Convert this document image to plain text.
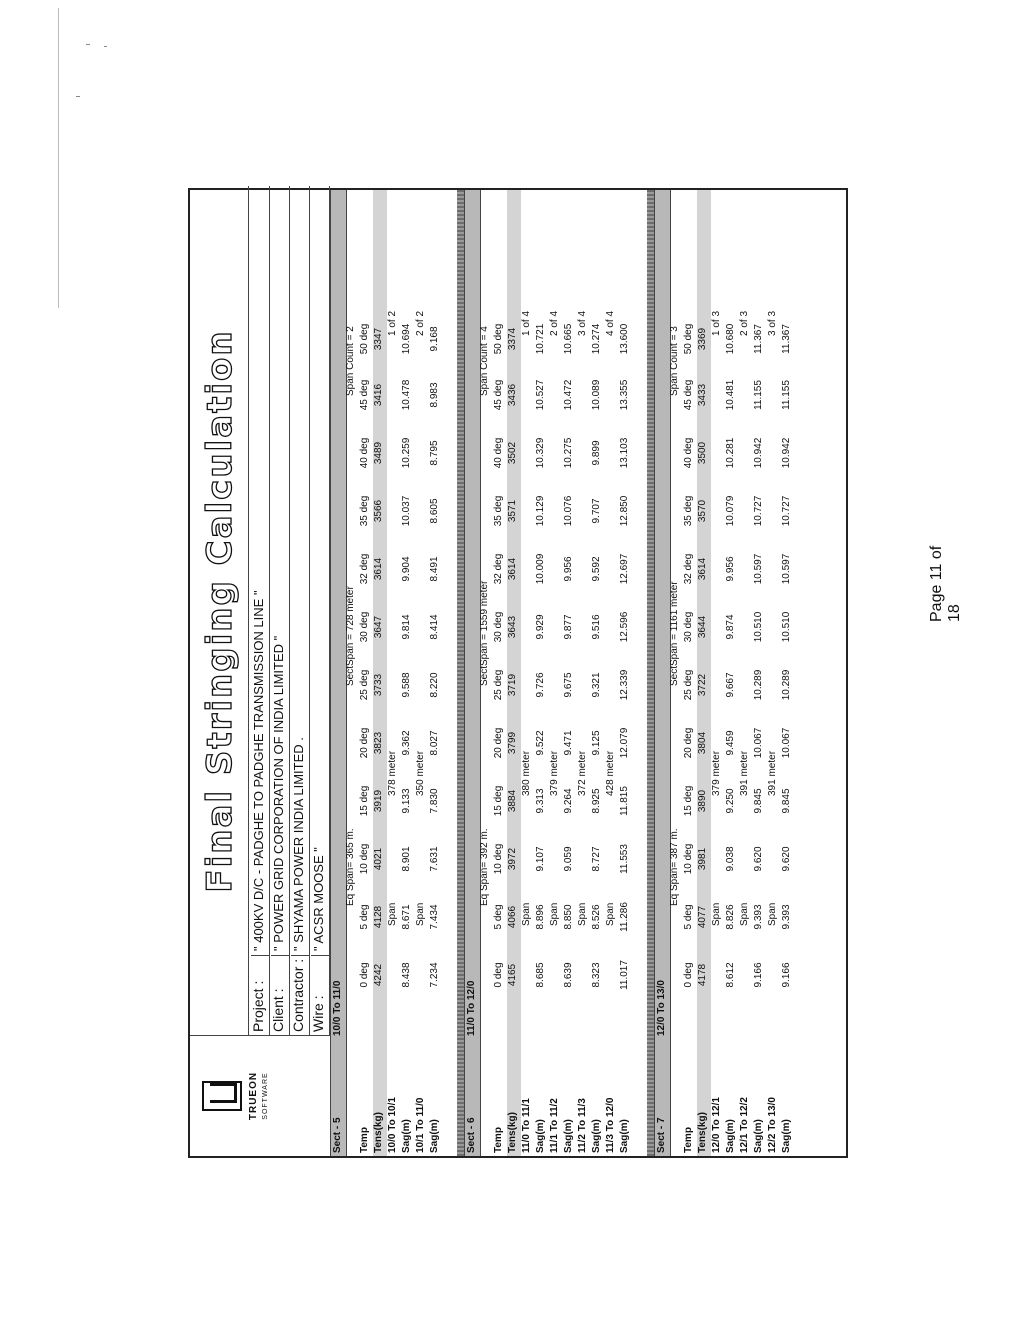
TRUEON SOFTWARE
Final Stringing Calculation
Project :
" 400KV D/C - PADGHE TO PADGHE TRANSMISSION LINE "
Client :
" POWER GRID CORPORATION OF INDIA LIMITED "
Contractor :
" SHYAMA POWER INDIA LIMITED .
Wire :
" ACSR MOOSE "
Sect - 5
10/0 To 11/0
Eq Span= 365 m.
SectSpan = 728 meter
Span Count = 2
Temp
0 deg
5 deg
10 deg
15 deg
20 deg
25 deg
30 deg
32 deg
35 deg
40 deg
45 deg
50 deg
Tens(kg)
4242
4128
4021
3919
3823
3733
3647
3614
3566
3489
3416
3347
10/0 To 10/1
Span
378 meter
1 of 2
Sag(m)
8.438
8.671
8.901
9.133
9.362
9.588
9.814
9.904
10.037
10.259
10.478
10.694
10/1 To 11/0
Span
350 meter
2 of 2
Sag(m)
7.234
7.434
7.631
7.830
8.027
8.220
8.414
8.491
8.605
8.795
8.983
9.168
Sect - 6
11/0 To 12/0
Eq Span= 392 m.
SectSpan = 1559 meter
Span Count = 4
Temp
0 deg
5 deg
10 deg
15 deg
20 deg
25 deg
30 deg
32 deg
35 deg
40 deg
45 deg
50 deg
Tens(kg)
4165
4066
3972
3884
3799
3719
3643
3614
3571
3502
3436
3374
11/0 To 11/1
Span
380 meter
1 of 4
Sag(m)
8.685
8.896
9.107
9.313
9.522
9.726
9.929
10.009
10.129
10.329
10.527
10.721
11/1 To 11/2
Span
379 meter
2 of 4
Sag(m)
8.639
8.850
9.059
9.264
9.471
9.675
9.877
9.956
10.076
10.275
10.472
10.665
11/2 To 11/3
Span
372 meter
3 of 4
Sag(m)
8.323
8.526
8.727
8.925
9.125
9.321
9.516
9.592
9.707
9.899
10.089
10.274
11/3 To 12/0
Span
428 meter
4 of 4
Sag(m)
11.017
11.286
11.553
11.815
12.079
12.339
12.596
12.697
12.850
13.103
13.355
13.600
Sect - 7
12/0 To 13/0
Eq Span= 387 m.
SectSpan = 1161 meter
Span Count = 3
Temp
0 deg
5 deg
10 deg
15 deg
20 deg
25 deg
30 deg
32 deg
35 deg
40 deg
45 deg
50 deg
Tens(kg)
4178
4077
3981
3890
3804
3722
3644
3614
3570
3500
3433
3369
12/0 To 12/1
Span
379 meter
1 of 3
Sag(m)
8.612
8.826
9.038
9.250
9.459
9.667
9.874
9.956
10.079
10.281
10.481
10.680
12/1 To 12/2
Span
391 meter
2 of 3
Sag(m)
9.166
9.393
9.620
9.845
10.067
10.289
10.510
10.597
10.727
10.942
11.155
11.367
12/2 To 13/0
Span
391 meter
3 of 3
Sag(m)
9.166
9.393
9.620
9.845
10.067
10.289
10.510
10.597
10.727
10.942
11.155
11.367
Page 11 of 18
